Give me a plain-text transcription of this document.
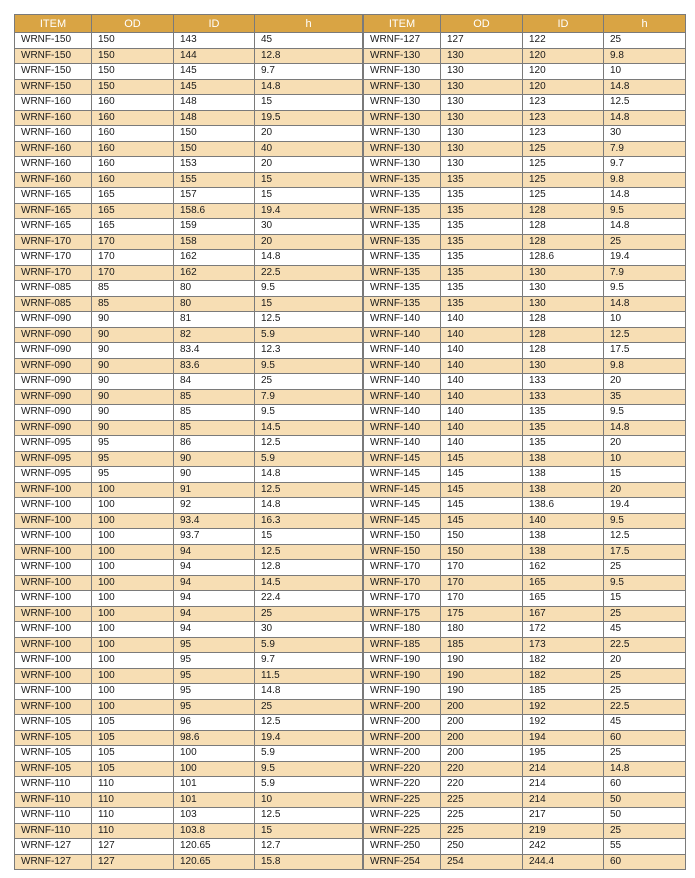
ITEM	OD	ID	h
WRNF-150	150	143	45
WRNF-150	150	144	12.8
WRNF-150	150	145	9.7
WRNF-150	150	145	14.8
WRNF-160	160	148	15
WRNF-160	160	148	19.5
WRNF-160	160	150	20
WRNF-160	160	150	40
WRNF-160	160	153	20
WRNF-160	160	155	15
WRNF-165	165	157	15
WRNF-165	165	158.6	19.4
WRNF-165	165	159	30
WRNF-170	170	158	20
WRNF-170	170	162	14.8
WRNF-170	170	162	22.5
WRNF-085	85	80	9.5
WRNF-085	85	80	15
WRNF-090	90	81	12.5
WRNF-090	90	82	5.9
WRNF-090	90	83.4	12.3
WRNF-090	90	83.6	9.5
WRNF-090	90	84	25
WRNF-090	90	85	7.9
WRNF-090	90	85	9.5
WRNF-090	90	85	14.5
WRNF-095	95	86	12.5
WRNF-095	95	90	5.9
WRNF-095	95	90	14.8
WRNF-100	100	91	12.5
WRNF-100	100	92	14.8
WRNF-100	100	93.4	16.3
WRNF-100	100	93.7	15
WRNF-100	100	94	12.5
WRNF-100	100	94	12.8
WRNF-100	100	94	14.5
WRNF-100	100	94	22.4
WRNF-100	100	94	25
WRNF-100	100	94	30
WRNF-100	100	95	5.9
WRNF-100	100	95	9.7
WRNF-100	100	95	11.5
WRNF-100	100	95	14.8
WRNF-100	100	95	25
WRNF-105	105	96	12.5
WRNF-105	105	98.6	19.4
WRNF-105	105	100	5.9
WRNF-105	105	100	9.5
WRNF-110	110	101	5.9
WRNF-110	110	101	10
WRNF-110	110	103	12.5
WRNF-110	110	103.8	15
WRNF-127	127	120.65	12.7
WRNF-127	127	120.65	15.8
ITEM	OD	ID	h
WRNF-127	127	122	25
WRNF-130	130	120	9.8
WRNF-130	130	120	10
WRNF-130	130	120	14.8
WRNF-130	130	123	12.5
WRNF-130	130	123	14.8
WRNF-130	130	123	30
WRNF-130	130	125	7.9
WRNF-130	130	125	9.7
WRNF-135	135	125	9.8
WRNF-135	135	125	14.8
WRNF-135	135	128	9.5
WRNF-135	135	128	14.8
WRNF-135	135	128	25
WRNF-135	135	128.6	19.4
WRNF-135	135	130	7.9
WRNF-135	135	130	9.5
WRNF-135	135	130	14.8
WRNF-140	140	128	10
WRNF-140	140	128	12.5
WRNF-140	140	128	17.5
WRNF-140	140	130	9.8
WRNF-140	140	133	20
WRNF-140	140	133	35
WRNF-140	140	135	9.5
WRNF-140	140	135	14.8
WRNF-140	140	135	20
WRNF-145	145	138	10
WRNF-145	145	138	15
WRNF-145	145	138	20
WRNF-145	145	138.6	19.4
WRNF-145	145	140	9.5
WRNF-150	150	138	12.5
WRNF-150	150	138	17.5
WRNF-170	170	162	25
WRNF-170	170	165	9.5
WRNF-170	170	165	15
WRNF-175	175	167	25
WRNF-180	180	172	45
WRNF-185	185	173	22.5
WRNF-190	190	182	20
WRNF-190	190	182	25
WRNF-190	190	185	25
WRNF-200	200	192	22.5
WRNF-200	200	192	45
WRNF-200	200	194	60
WRNF-200	200	195	25
WRNF-220	220	214	14.8
WRNF-220	220	214	60
WRNF-225	225	214	50
WRNF-225	225	217	50
WRNF-225	225	219	25
WRNF-250	250	242	55
WRNF-254	254	244.4	60
